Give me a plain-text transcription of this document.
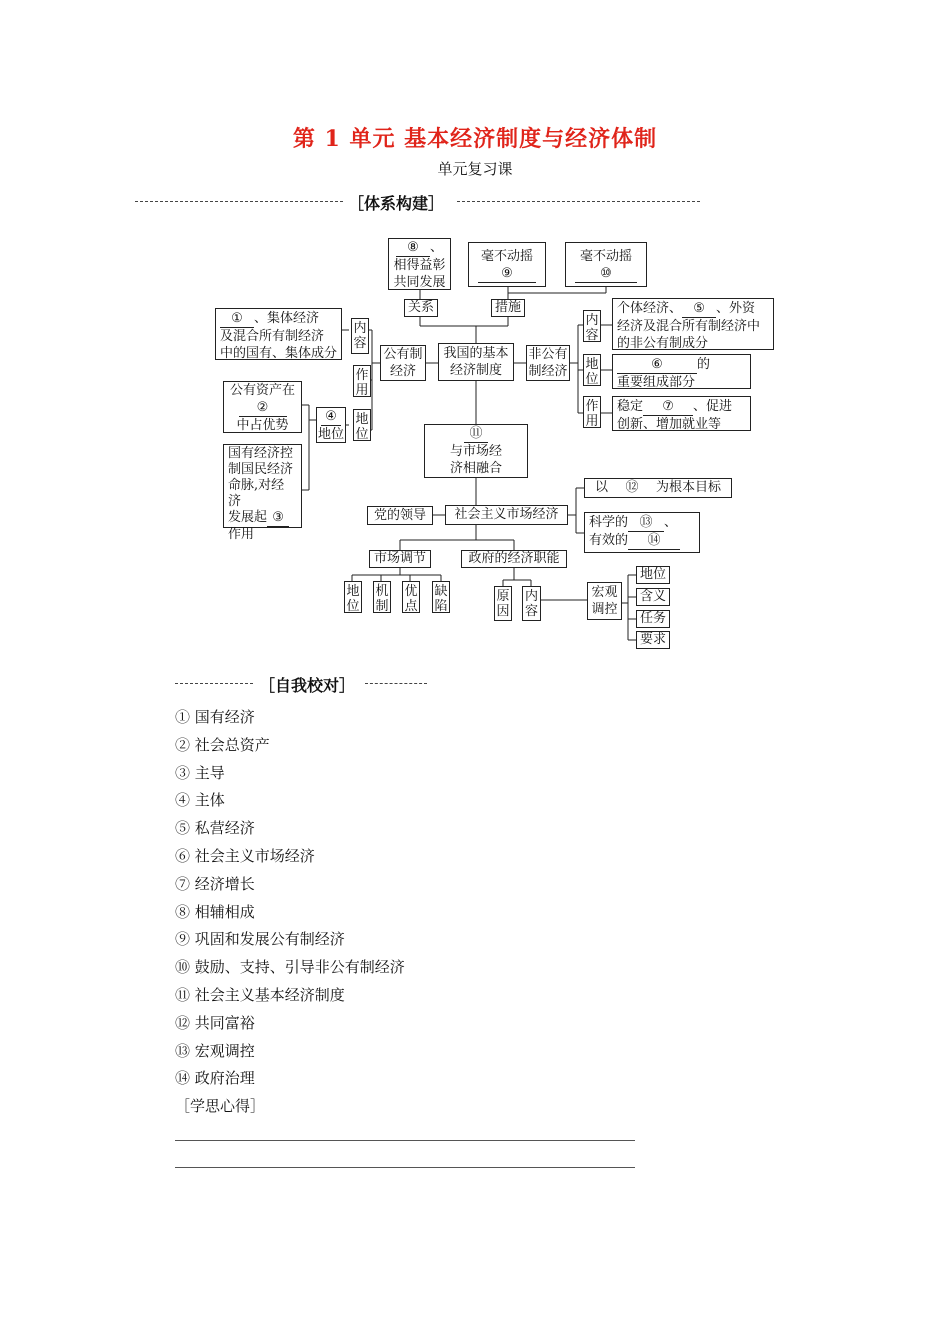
第 1 单元 基本经济制度与经济体制
单元复习课
［体系构建］
⑧ 、
相得益彰
共同发展
毫不动摇
⑨
毫不动摇
⑩
关系	措施
① 、集体经济
及混合所有制经济
中的国有、集体成分
内容
公有制
经济
作用
地位
我国的基本
经济制度
公有资产在
②
中占优势
④
地位
国有经济控
制国民经济
命脉,对经济
发展起 ③
作用
非公有
制经济
内容
个体经济、 ⑤ 、外资
经济及混合所有制经济中
的非公有制成分
地位
⑥	的
重要组成部分
作用
稳定 ⑦ 、促进
创新、增加就业等
⑪
与市场经
济相融合
以 ⑫ 为根本目标
党的领导	社会主义市场经济
科学的 ⑬ 、
有效的 ⑭
市场调节	政府的经济职能
地位
机制
优点
缺陷
原因
内容
宏观
调控
地位
含义
任务
要求
［自我校对］
① 国有经济
② 社会总资产
③ 主导
④ 主体
⑤ 私营经济
⑥ 社会主义市场经济
⑦ 经济增长
⑧ 相辅相成
⑨ 巩固和发展公有制经济
⑩ 鼓励、支持、引导非公有制经济
⑪ 社会主义基本经济制度
⑫ 共同富裕
⑬ 宏观调控
⑭ 政府治理
［学思心得］
